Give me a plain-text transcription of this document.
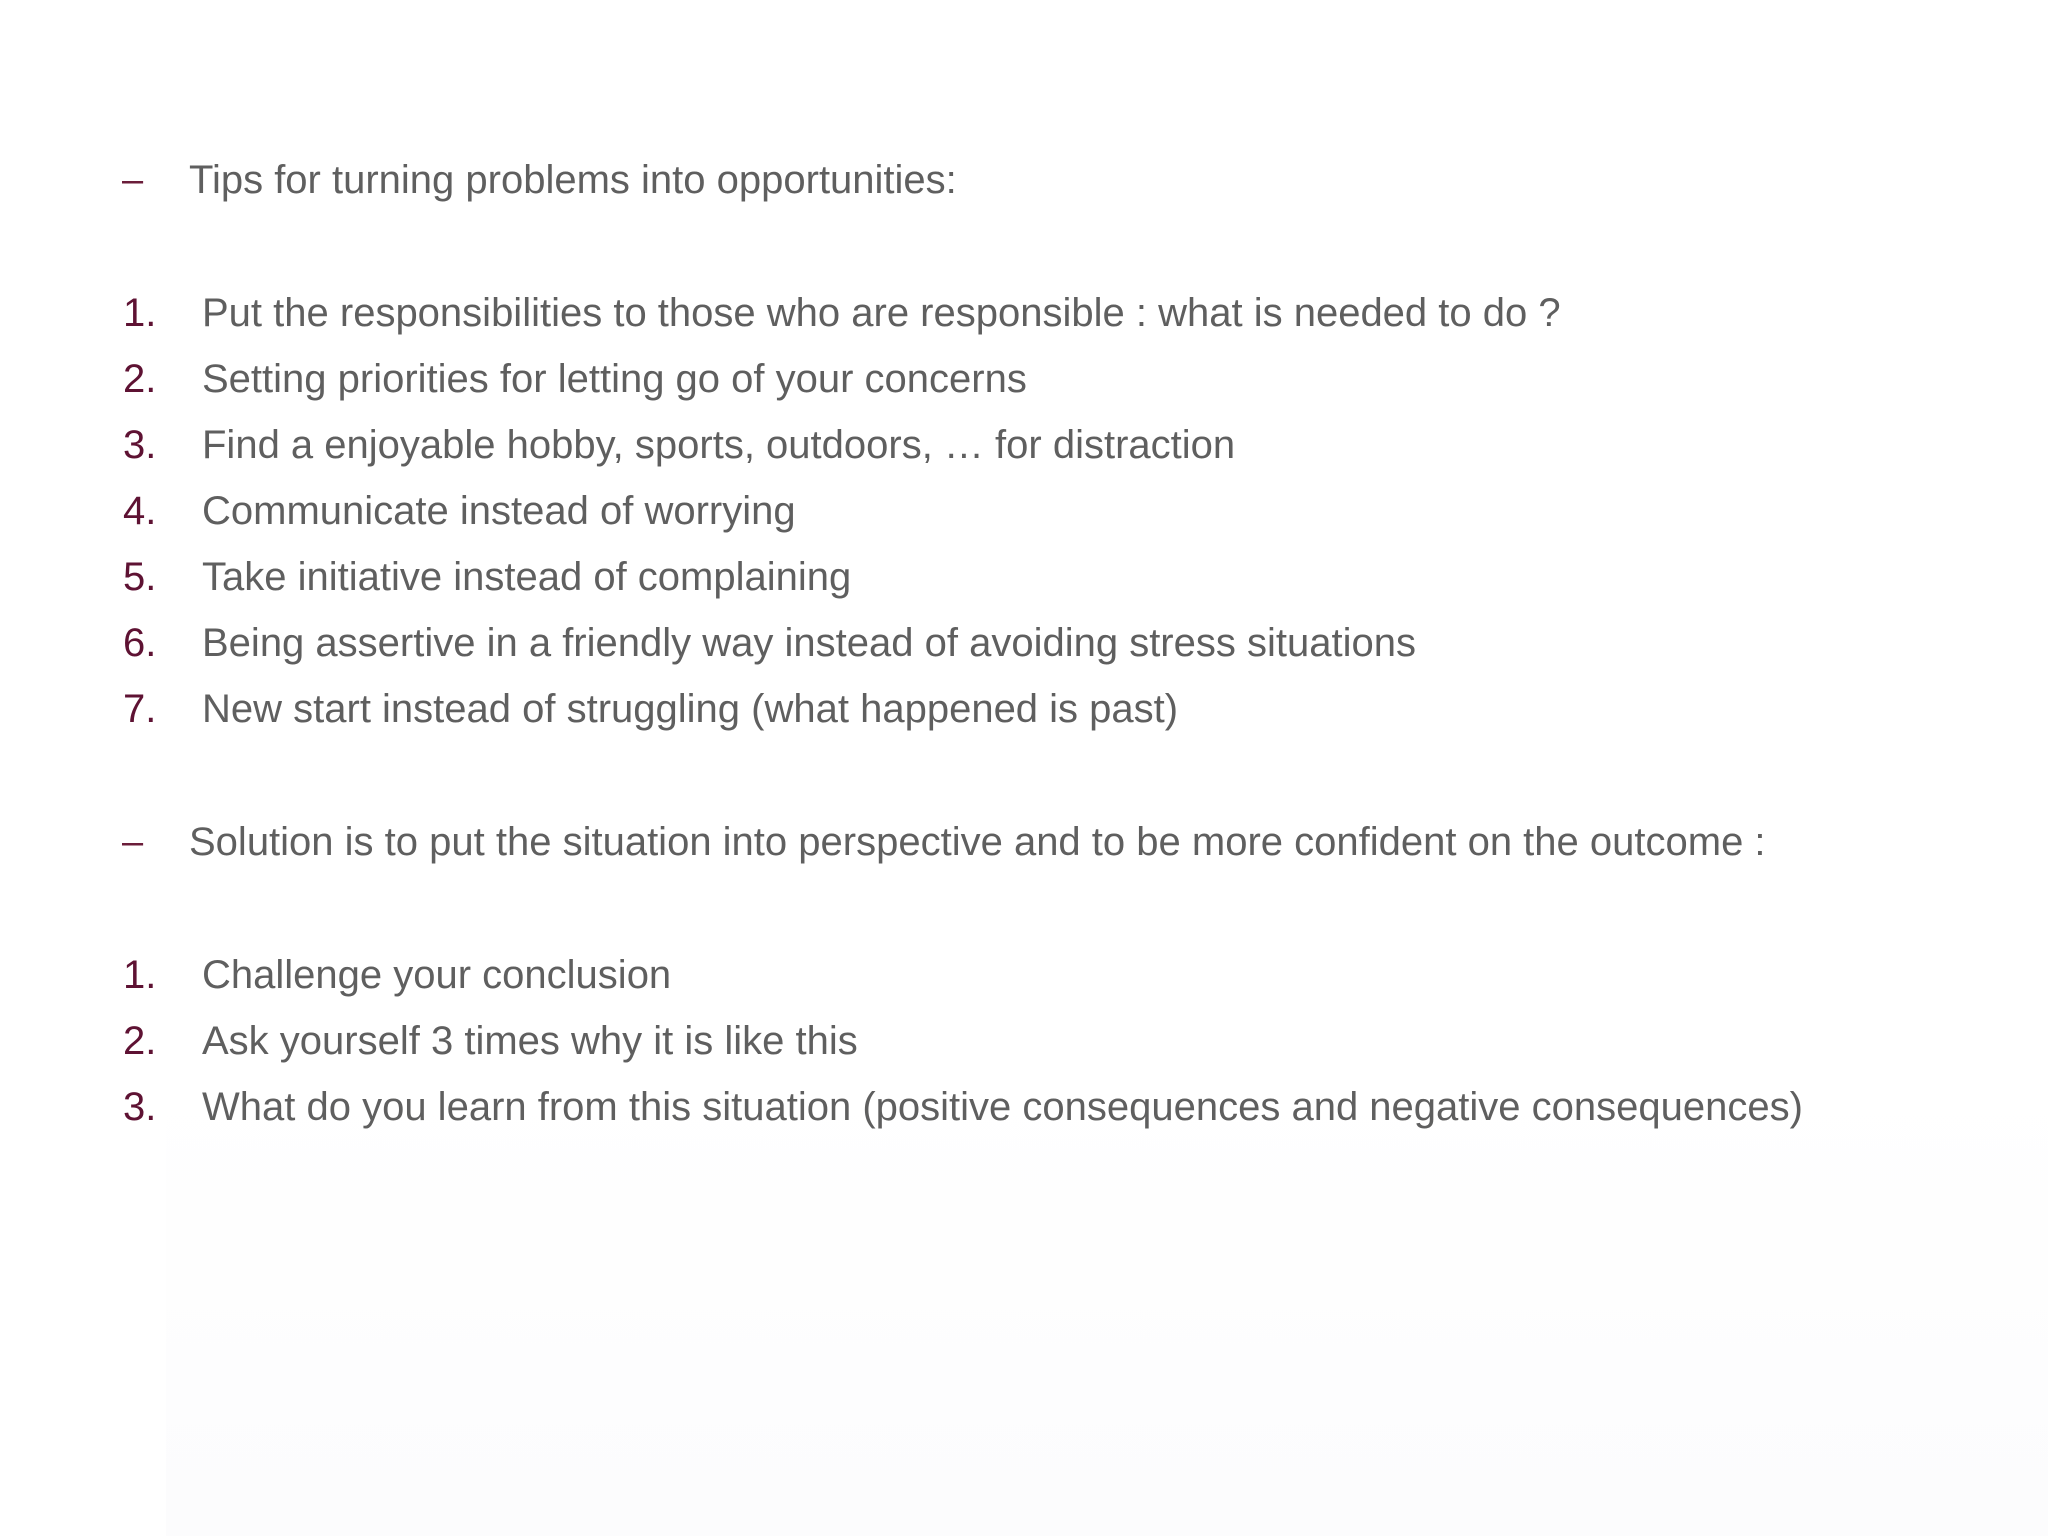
– Tips for turning problems into opportunities:
1. Put the responsibilities to those who are responsible : what is needed to do ?
2. Setting priorities for letting go of your concerns
3. Find a enjoyable hobby, sports, outdoors, … for distraction
4. Communicate instead of worrying
5. Take initiative instead of complaining
6. Being assertive in a friendly way instead of avoiding stress situations
7. New start instead of struggling (what happened is past)
– Solution is to put the situation into perspective and to be more confident on the outcome :
1. Challenge your conclusion
2. Ask yourself 3 times why it is like this
3. What do you learn from this situation (positive consequences and negative consequences)
